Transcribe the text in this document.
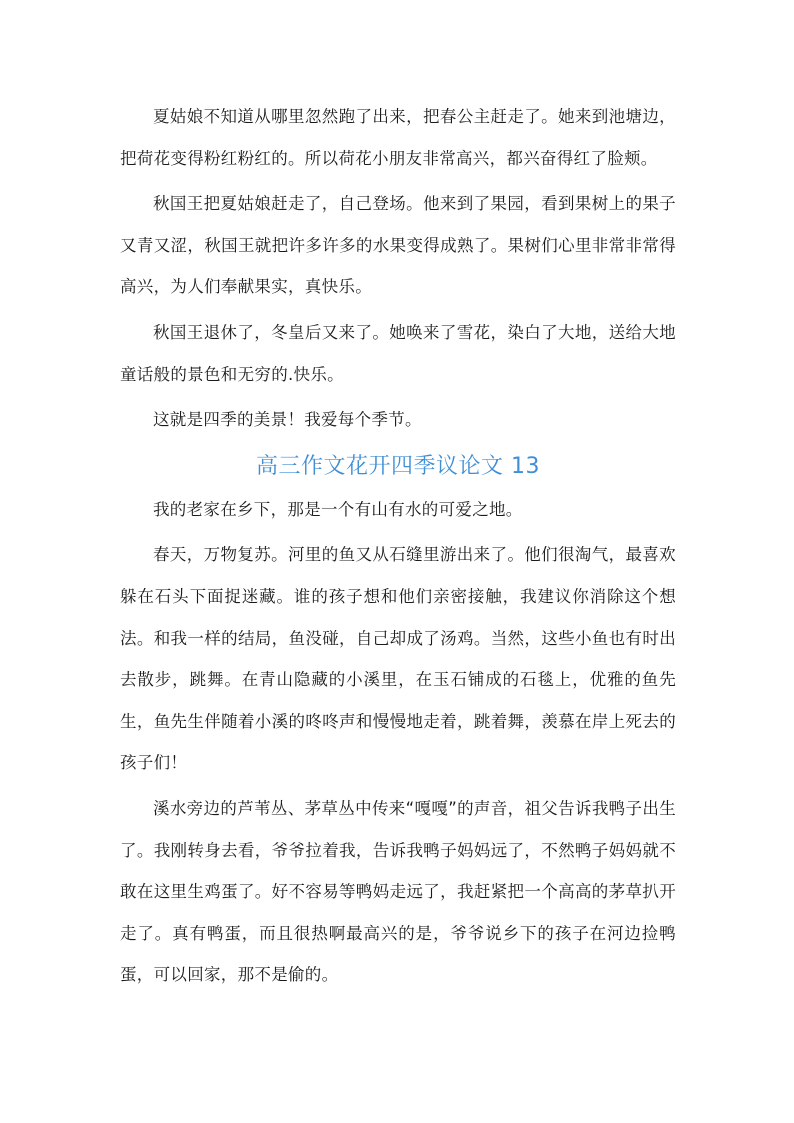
夏姑娘不知道从哪里忽然跑了出来，把春公主赶走了。她来到池塘边，把荷花变得粉红粉红的。所以荷花小朋友非常高兴，都兴奋得红了脸颊。

秋国王把夏姑娘赶走了，自己登场。他来到了果园，看到果树上的果子又青又涩，秋国王就把许多许多的水果变得成熟了。果树们心里非常非常得高兴，为人们奉献果实，真快乐。

秋国王退休了，冬皇后又来了。她唤来了雪花，染白了大地，送给大地童话般的景色和无穷的.快乐。

这就是四季的美景！我爱每个季节。

高三作文花开四季议论文 13

我的老家在乡下，那是一个有山有水的可爱之地。

春天，万物复苏。河里的鱼又从石缝里游出来了。他们很淘气，最喜欢躲在石头下面捉迷藏。谁的孩子想和他们亲密接触，我建议你消除这个想法。和我一样的结局，鱼没碰，自己却成了汤鸡。当然，这些小鱼也有时出去散步，跳舞。在青山隐藏的小溪里，在玉石铺成的石毯上，优雅的鱼先生，鱼先生伴随着小溪的咚咚声和慢慢地走着，跳着舞，羡慕在岸上死去的孩子们！

溪水旁边的芦苇丛、茅草丛中传来“嘎嘎”的声音，祖父告诉我鸭子出生了。我刚转身去看，爷爷拉着我，告诉我鸭子妈妈远了，不然鸭子妈妈就不敢在这里生鸡蛋了。好不容易等鸭妈走远了，我赶紧把一个高高的茅草扒开走了。真有鸭蛋，而且很热啊最高兴的是，爷爷说乡下的孩子在河边捡鸭蛋，可以回家，那不是偷的。
